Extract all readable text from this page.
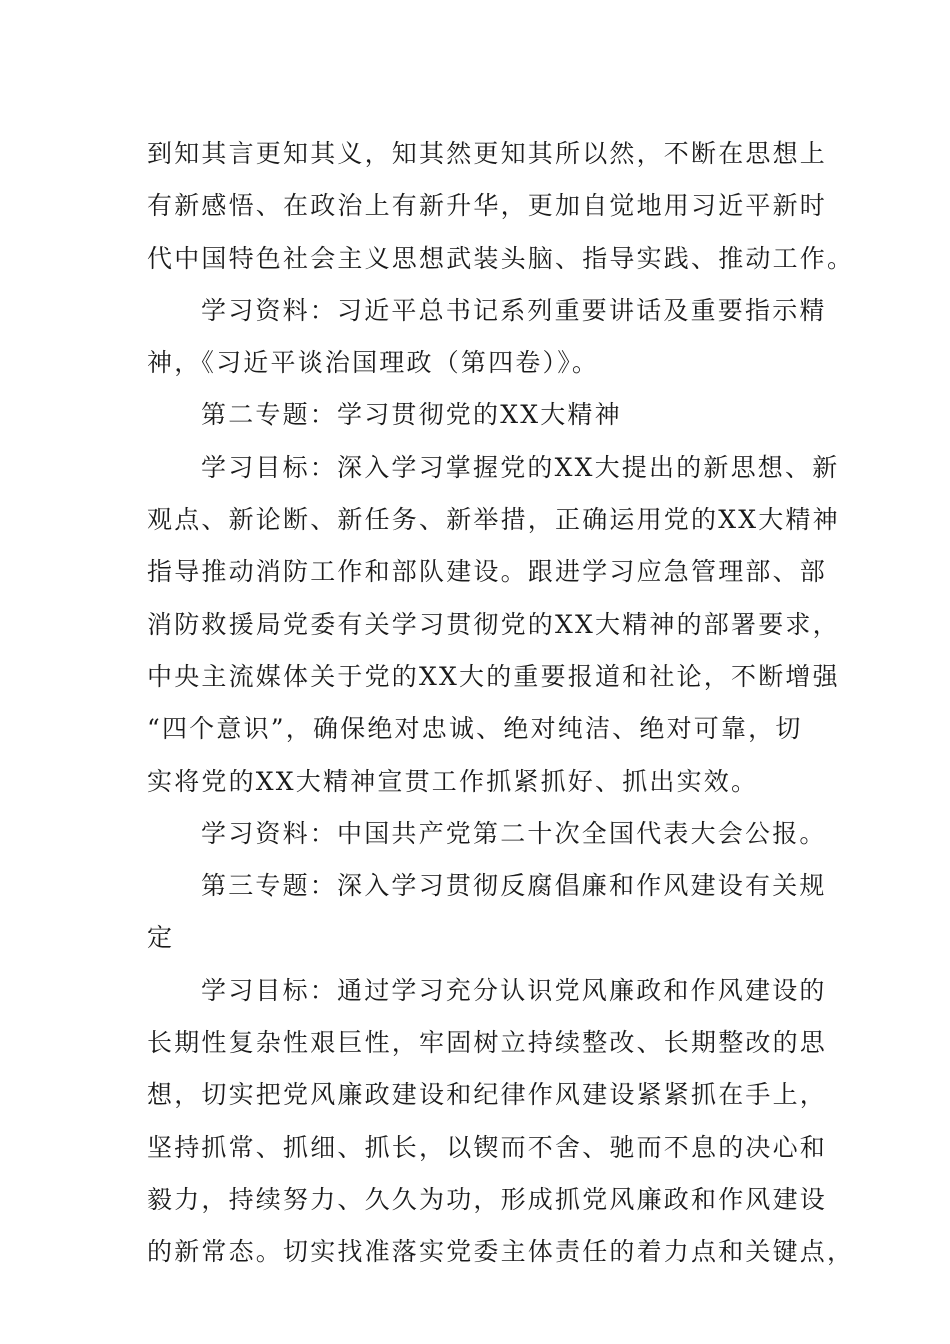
到知其言更知其义，知其然更知其所以然，不断在思想上
有新感悟、在政治上有新升华，更加自觉地用习近平新时
代中国特色社会主义思想武装头脑、指导实践、推动工作。
学习资料：习近平总书记系列重要讲话及重要指示精
神，《习近平谈治国理政（第四卷）》。
第二专题：学习贯彻党的XX大精神
学习目标：深入学习掌握党的XX大提出的新思想、新
观点、新论断、新任务、新举措，正确运用党的XX大精神
指导推动消防工作和部队建设。跟进学习应急管理部、部
消防救援局党委有关学习贯彻党的XX大精神的部署要求，
中央主流媒体关于党的XX大的重要报道和社论，不断增强
“四个意识”，确保绝对忠诚、绝对纯洁、绝对可靠，切
实将党的XX大精神宣贯工作抓紧抓好、抓出实效。
学习资料：中国共产党第二十次全国代表大会公报。
第三专题：深入学习贯彻反腐倡廉和作风建设有关规
定
学习目标：通过学习充分认识党风廉政和作风建设的
长期性复杂性艰巨性，牢固树立持续整改、长期整改的思
想，切实把党风廉政建设和纪律作风建设紧紧抓在手上，
坚持抓常、抓细、抓长，以锲而不舍、驰而不息的决心和
毅力，持续努力、久久为功，形成抓党风廉政和作风建设
的新常态。切实找准落实党委主体责任的着力点和关键点，
